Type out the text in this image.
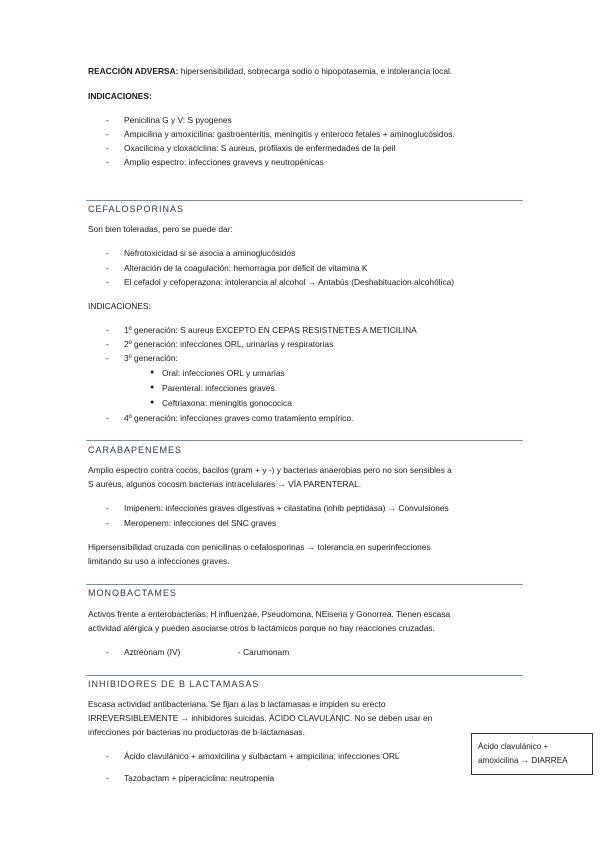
REACCIÓN ADVERSA: hipersensibilidad, sobrecarga sodio o hipopotasemia, e intolerancia local.
INDICACIONES:
- Penicilina G y V: S pyogenes
- Ampicilina y amoxicilina: gastroenteritis, meningitis y enteroco fetales + aminoglucósidos.
- Oxacilicina y cloxaciclina: S aureus, profilaxis de enfermedades de la peil
- Amplio espectro: infecciones gravevs y neutropénicas
CEFALOSPORINAS
Son bien toleradas, pero se puede dar:
- Nefrotoxicidad si se asocia a aminoglucósidos
- Alteración de la coagulación: hemorragia por déficit de vitamina K
- El cefadol y cefoperazona: intolerancia al alcohol → Antabús (Deshabituacion alcohólica)
INDICACIONES:
- 1º generación: S aureus EXCEPTO EN CEPAS RESISTNETES A METICILINA
- 2º generación: infecciones ORL, urinarias y respiratorias
- 3º generación:
● Oral: infecciones ORL y urinarias
● Parenteral: infecciones graves
● Ceftriaxona: meningitis gonococica
- 4º generación: infecciones graves como tratamiento empírico.
CARABAPENEMES
Amplio espectro contra cocos, bacilos (gram + y -) y bacterias anaerobias pero no son sensibles a
S aureus, algunos cocosm bacterias intracelulares → VÍA PARENTERAL.
- Imipenem: infecciones graves digestivas + cilastatina (inhib peptidasa) → Convulsiones
- Meropenem: infecciones del SNC graves
Hipersensibilidad cruzada con penicilinas o cefalosporinas → tolerancia en superinfecciones
limitando su uso a infecciones graves.
MONOBACTAMES
Activos frente a enterobacterias, H influenzae, Pseudomona, NEiseria y Gonorrea. Tienen escasa
actividad alérgica y pueden asociarse otros b lactámicos porque no hay reacciones cruzadas.
- Aztreonam (IV)	- Carumonam
INHIBIDORES DE B LACTAMASAS
Escasa actividad antibacteriana. Se fijan a las b lactamasas e impiden su erecto
IRREVERSIBLEMENTE → inhibidores suicidas. ÁCIDO CLAVULÁNIC. No se deben usar en
infecciones por bacterias no productoras de b-lactamasas.
- Ácido clavulánico + amoxicilina y sulbactam + ampicilina: infecciones ORL
- Tazobactam + piperaciclina: neutropenia
Ácido clavulánico +
amoxicilina → DIARREA
